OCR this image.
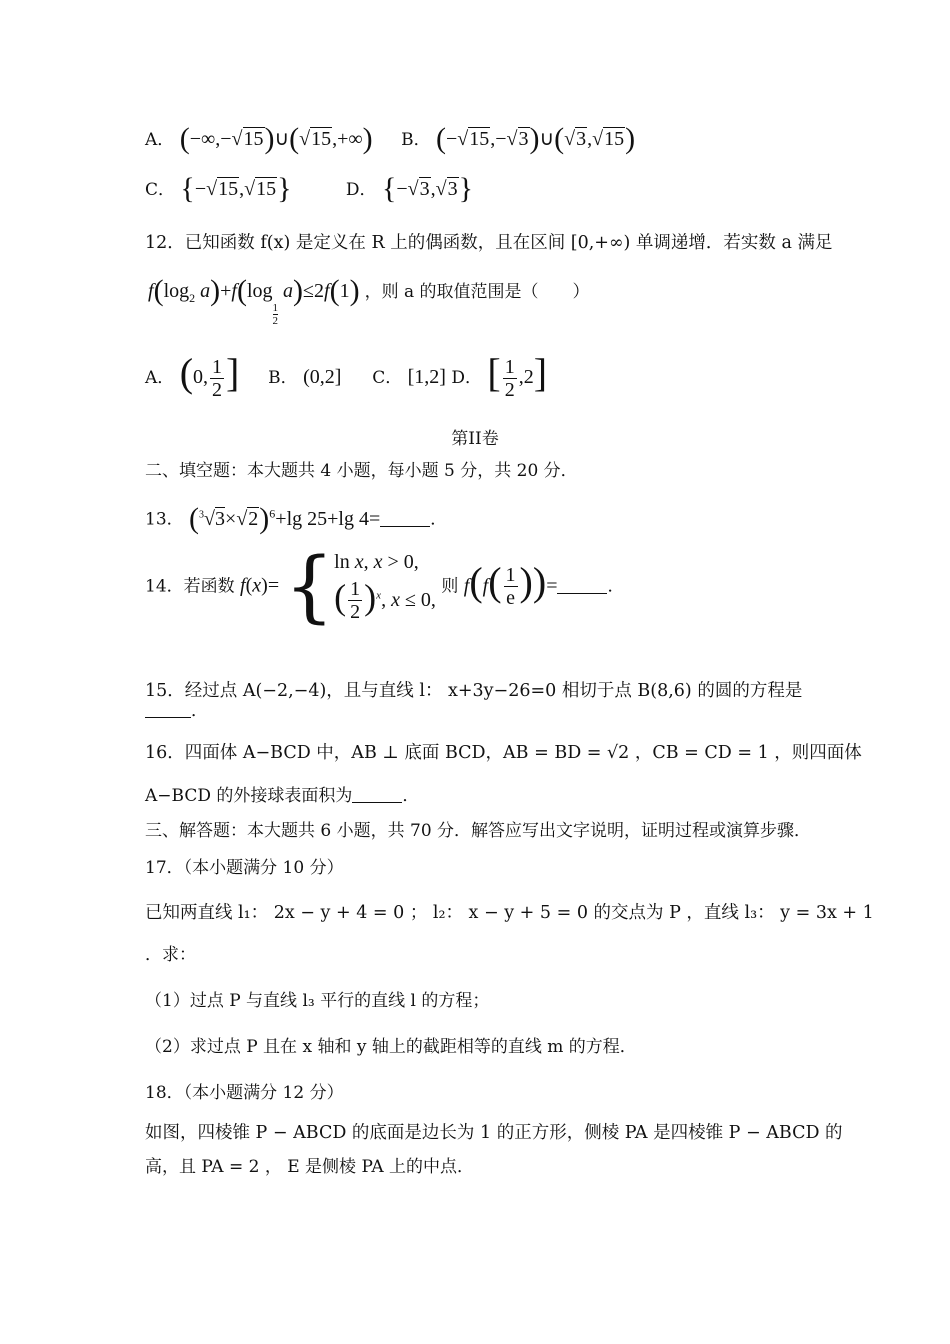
A． (−∞,−√15)∪(√15,+∞) B． (−√15,−√3)∪(√3,√15)
C． {−√15,√15}	D． {−√3,√3}
12．已知函数 f(x) 是定义在 R 上的偶函数，且在区间 [0,+∞) 单调递增．若实数 a 满足
$f(\log_2$ a)+f(log
$\frac{1}{2}$
a)≤2f(1) ，则 a 的取值范围是（　　）
A． (0, $\frac{1}{2}$ ] B． (0,2] C． [1,2] D． [ $\frac{1}{2} ,2$]
第II卷
二、填空题：本大题共 4 小题，每小题 5 分，共 20 分．
13． $(^3√3\times√2)^6+\lg$ 25+lg 4=	．
14．若函数 f(x)= { ln x, x > 0,
( $\frac{1}{2} )^x$, x ≤ 0,
则 $f(f( \frac{1}{e}$ ))=	．
15．经过点 A(−2,−4)，且与直线 l： x+3y−26=0 相切于点 B(8,6) 的圆的方程是
．
16．四面体 A−BCD 中，AB ⊥ 底面 BCD，AB = BD = √2 ，CB = CD = 1 ，则四面体
A−BCD 的外接球表面积为	．
三、解答题：本大题共 6 小题，共 70 分．解答应写出文字说明，证明过程或演算步骤．
17．（本小题满分 10 分）
已知两直线 l₁： 2x − y + 4 = 0 ； l₂： x − y + 5 = 0 的交点为 P ，直线 l₃： y = 3x + 1
．求：
（1）过点 P 与直线 l₃ 平行的直线 l 的方程；
（2）求过点 P 且在 x 轴和 y 轴上的截距相等的直线 m 的方程．
18．（本小题满分 12 分）
如图，四棱锥 P − ABCD 的底面是边长为 1 的正方形，侧棱 PA 是四棱锥 P − ABCD 的
高，且 PA = 2 ， E 是侧棱 PA 上的中点．
